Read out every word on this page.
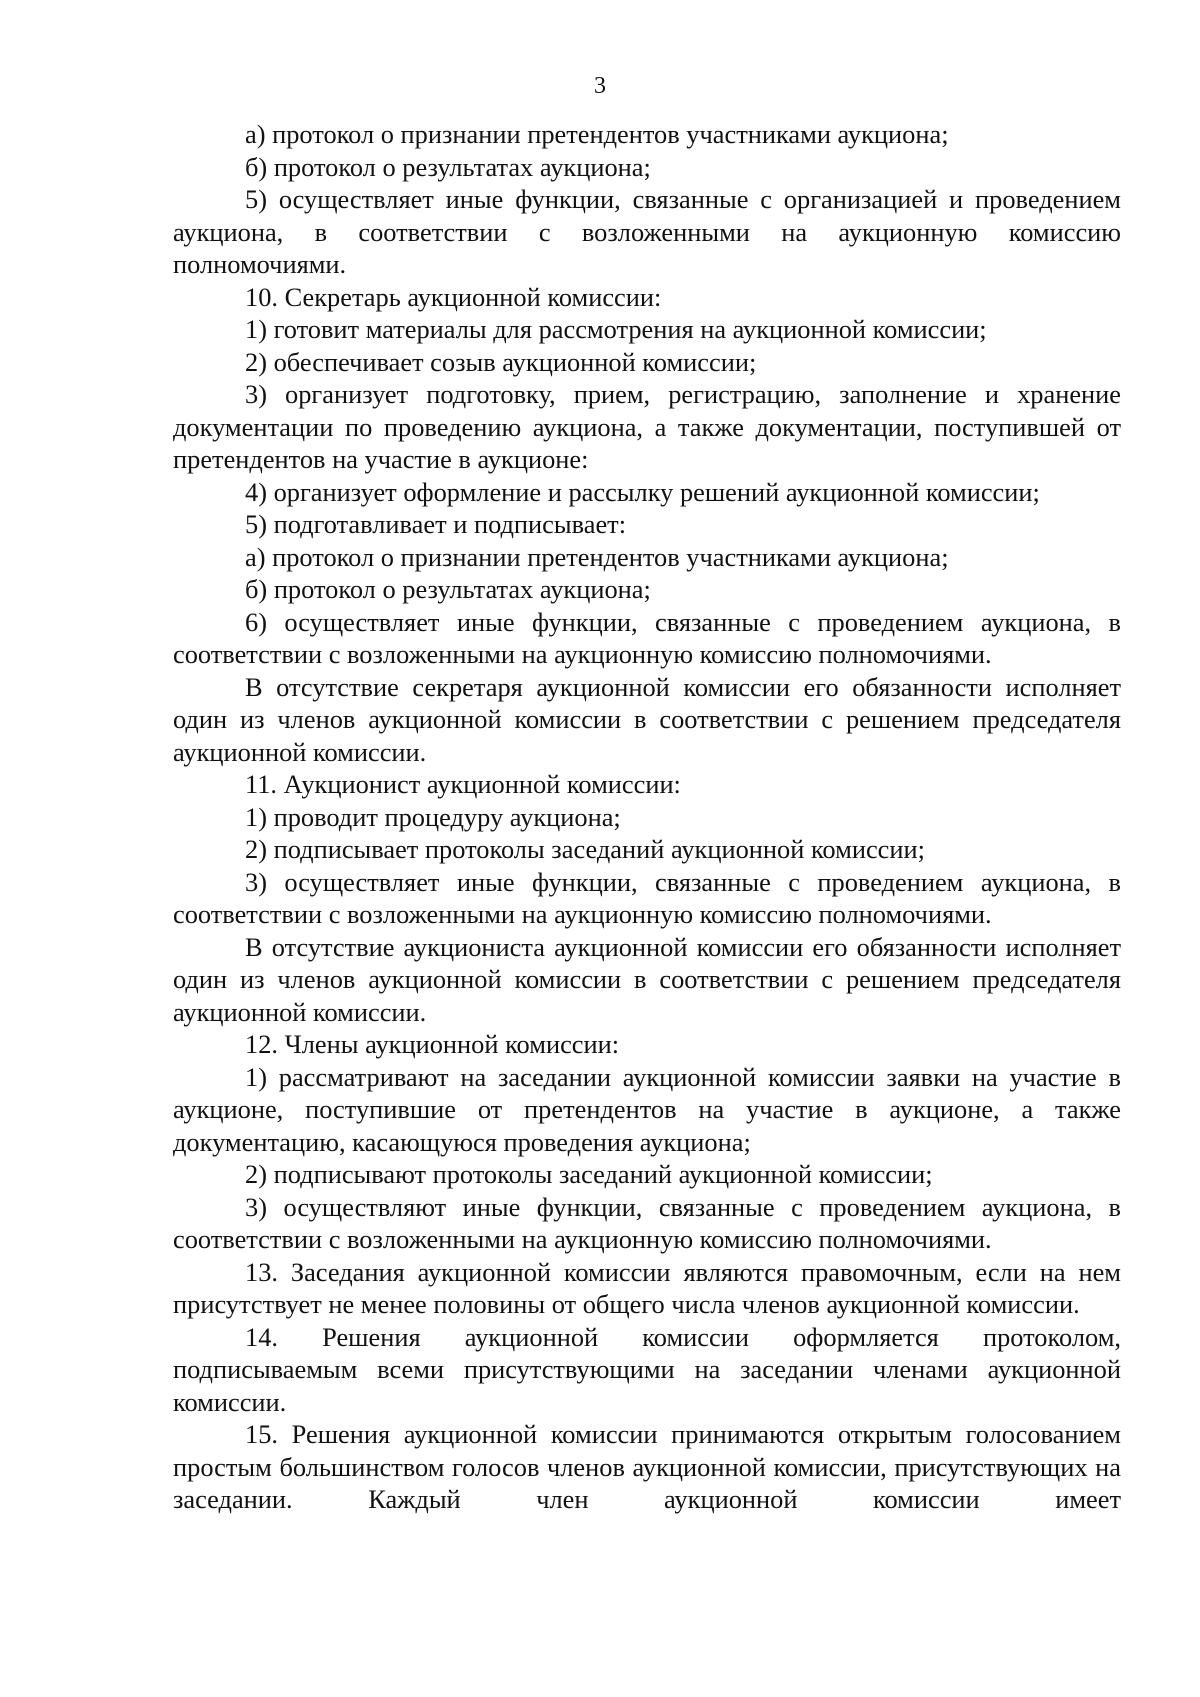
3

а) протокол о признании претендентов участниками аукциона;

б) протокол о результатах аукциона;

5) осуществляет иные функции, связанные с организацией и проведением аукциона, в соответствии с возложенными на аукционную комиссию полномочиями.

10. Секретарь аукционной комиссии:

1) готовит материалы для рассмотрения на аукционной комиссии;

2) обеспечивает созыв аукционной комиссии;

3) организует подготовку, прием, регистрацию, заполнение и хранение документации по проведению аукциона, а также документации, поступившей от претендентов на участие в аукционе:

4) организует оформление и рассылку решений аукционной комиссии;

5) подготавливает и подписывает:

а) протокол о признании претендентов участниками аукциона;

б) протокол о результатах аукциона;

6) осуществляет иные функции, связанные с проведением аукциона, в соответствии с возложенными на аукционную комиссию полномочиями.

В отсутствие секретаря аукционной комиссии его обязанности исполняет один из членов аукционной комиссии в соответствии с решением председателя аукционной комиссии.

11. Аукционист аукционной комиссии:

1) проводит процедуру аукциона;

2) подписывает протоколы заседаний аукционной комиссии;

3) осуществляет иные функции, связанные с проведением аукциона, в соответствии с возложенными на аукционную комиссию полномочиями.

В отсутствие аукциониста аукционной комиссии его обязанности исполняет один из членов аукционной комиссии в соответствии с решением председателя аукционной комиссии.

12. Члены аукционной комиссии:

1) рассматривают на заседании аукционной комиссии заявки на участие в аукционе, поступившие от претендентов на участие в аукционе, а также документацию, касающуюся проведения аукциона;

2) подписывают протоколы заседаний аукционной комиссии;

3) осуществляют иные функции, связанные с проведением аукциона, в соответствии с возложенными на аукционную комиссию полномочиями.

13. Заседания аукционной комиссии являются правомочным, если на нем присутствует не менее половины от общего числа членов аукционной комиссии.

14. Решения аукционной комиссии оформляется протоколом, подписываемым всеми присутствующими на заседании членами аукционной комиссии.

15. Решения аукционной комиссии принимаются открытым голосованием простым большинством голосов членов аукционной комиссии, присутствующих на заседании. Каждый член аукционной комиссии имеет
